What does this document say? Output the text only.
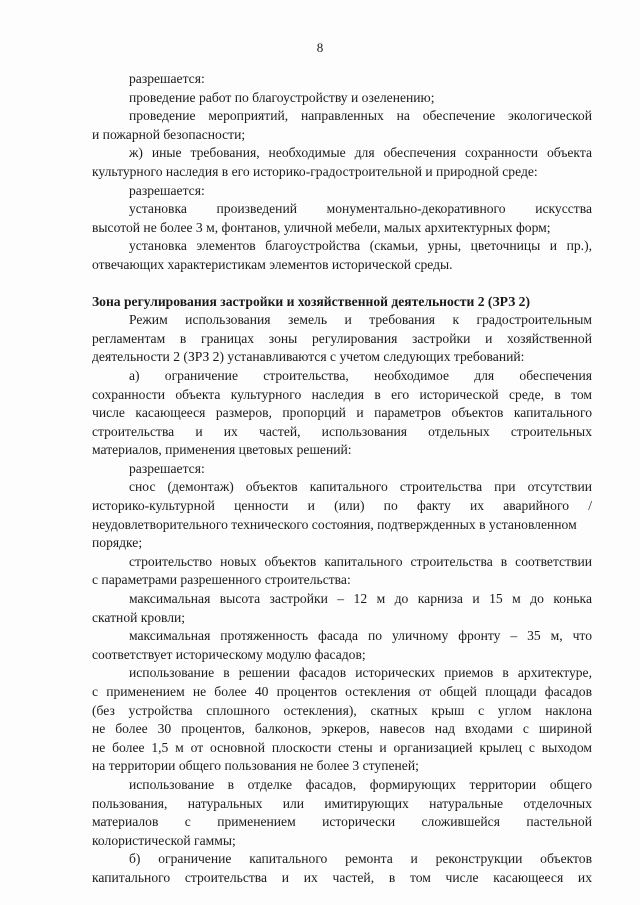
8
разрешается:
проведение работ по благоустройству и озеленению;
проведение мероприятий, направленных на обеспечение экологической
и пожарной безопасности;
ж) иные требования, необходимые для обеспечения сохранности объекта
культурного наследия в его историко-градостроительной и природной среде:
разрешается:
установка произведений монументально-декоративного искусства
высотой не более 3 м, фонтанов, уличной мебели, малых архитектурных форм;
установка элементов благоустройства (скамьи, урны, цветочницы и пр.),
отвечающих характеристикам элементов исторической среды.
Зона регулирования застройки и хозяйственной деятельности 2 (ЗРЗ 2)
Режим использования земель и требования к градостроительным
регламентам в границах зоны регулирования застройки и хозяйственной
деятельности 2 (ЗРЗ 2) устанавливаются с учетом следующих требований:
а) ограничение строительства, необходимое для обеспечения
сохранности объекта культурного наследия в его исторической среде, в том
числе касающееся размеров, пропорций и параметров объектов капитального
строительства и их частей, использования отдельных строительных
материалов, применения цветовых решений:
разрешается:
снос (демонтаж) объектов капитального строительства при отсутствии
историко-культурной ценности и (или) по факту их аварийного /
неудовлетворительного технического состояния, подтвержденных в установленном
порядке;
строительство новых объектов капитального строительства в соответствии
с параметрами разрешенного строительства:
максимальная высота застройки – 12 м до карниза и 15 м до конька
скатной кровли;
максимальная протяженность фасада по уличному фронту – 35 м, что
соответствует историческому модулю фасадов;
использование в решении фасадов исторических приемов в архитектуре,
с применением не более 40 процентов остекления от общей площади фасадов
(без устройства сплошного остекления), скатных крыш с углом наклона
не более 30 процентов, балконов, эркеров, навесов над входами с шириной
не более 1,5 м от основной плоскости стены и организацией крылец с выходом
на территории общего пользования не более 3 ступеней;
использование в отделке фасадов, формирующих территории общего
пользования, натуральных или имитирующих натуральные отделочных
материалов с применением исторически сложившейся пастельной
колористической гаммы;
б) ограничение капитального ремонта и реконструкции объектов
капитального строительства и их частей, в том числе касающееся их
